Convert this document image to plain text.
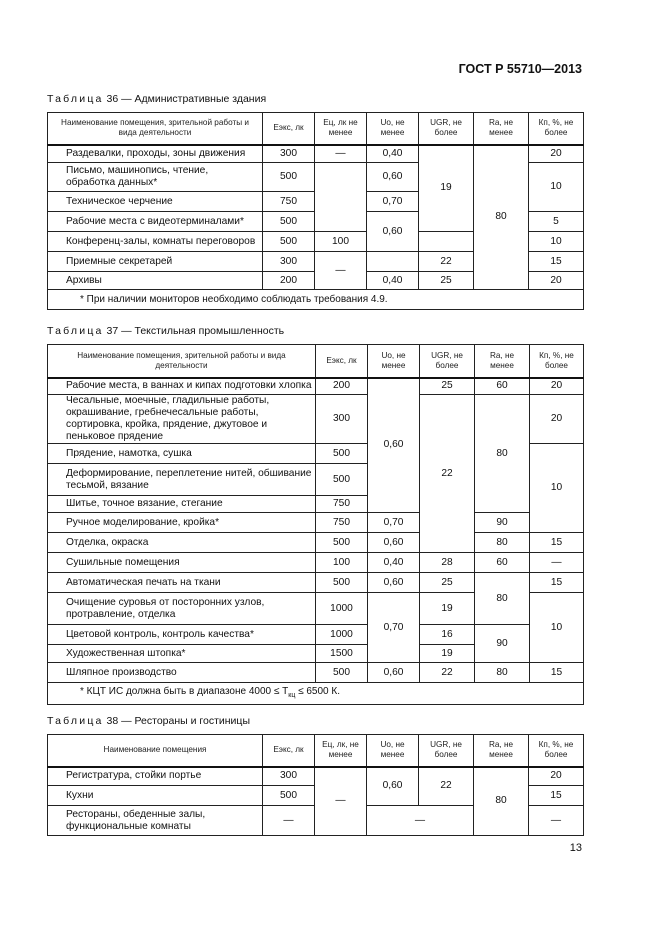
ГОСТ Р 55710—2013
Таблица 36 — Административные здания
Наименование помещения, зрительной работы и вида деятельности	Eэкс, лк	Eц, лк не менее	Uо, не менее	UGR, не более	Ra, не менее	Кп, %, не более
Раздевалки, проходы, зоны движения	300	—	0,40	19	80	20
Письмо, машинопись, чтение, обработка данных*	500		0,60			10
Техническое черчение	750		0,70			
Рабочие места с видеотерминалами*	500		0,60			5
Конференц-залы, комнаты переговоров	500	100				10
Приемные секретарей	300	—		22		15
Архивы	200		0,40	25		20
* При наличии мониторов необходимо соблюдать требования 4.9.						
Таблица 37 — Текстильная промышленность
Наименование помещения, зрительной работы и вида деятельности	Eэкс, лк	Uо, не менее	UGR, не более	Ra, не менее	Кп, %, не более
Рабочие места, в ваннах и кипах подготовки хлопка	200	0,60	25	60	20
Чесальные, моечные, гладильные работы, окрашивание, гребнечесальные работы, сортировка, кройка, прядение, джутовое и пеньковое прядение	300		22	80	20
Прядение, намотка, сушка	500				10
Деформирование, переплетение нитей, обшивание тесьмой, вязание	500				
Шитье, точное вязание, стегание	750				
Ручное моделирование, кройка*	750	0,70		90	
Отделка, окраска	500	0,60		80	15
Сушильные помещения	100	0,40	28	60	—
Автоматическая печать на ткани	500	0,60	25	80	15
Очищение суровья от посторонних узлов, протравление, отделка	1000	0,70	19		10
Цветовой контроль, контроль качества*	1000		16	90	
Художественная штопка*	1500		19		
Шляпное производство	500	0,60	22	80	15
* КЦТ ИС должна быть в диапазоне $4000 \le T_{кц} \le 6500$ К.					
Таблица 38 — Рестораны и гостиницы
Наименование помещения	Eэкс, лк	Eц, лк, не менее	Uо, не менее	UGR, не более	Ra, не менее	Кп, %, не более
Регистратура, стойки портье	300	—	0,60	22	80	20
Кухни	500					15
Рестораны, обеденные залы, функциональные комнаты	—		—			—
13
